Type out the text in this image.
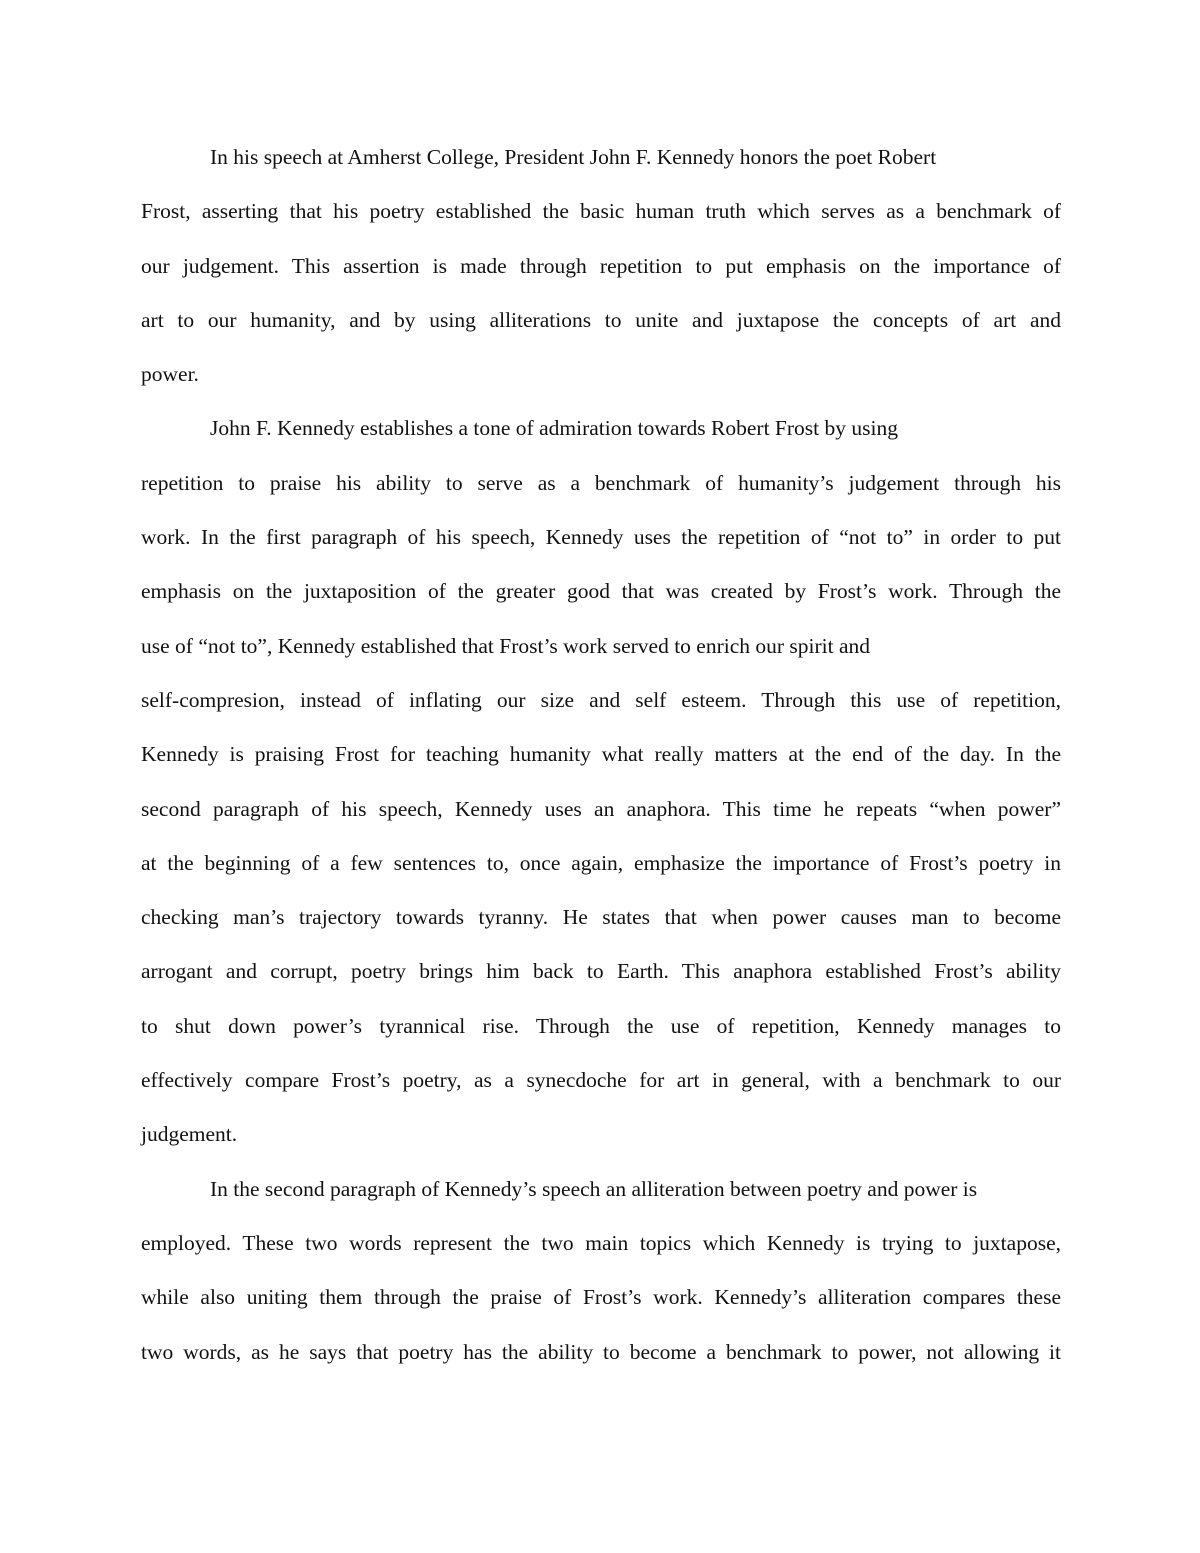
In his speech at Amherst College, President John F. Kennedy honors the poet Robert
Frost, asserting that his poetry established the basic human truth which serves as a benchmark of
our judgement. This assertion is made through repetition to put emphasis on the importance of
art to our humanity, and by using alliterations to unite and juxtapose the concepts of art and
power.
John F. Kennedy establishes a tone of admiration towards Robert Frost by using
repetition to praise his ability to serve as a benchmark of humanity’s judgement through his
work. In the first paragraph of his speech, Kennedy uses the repetition of “not to” in order to put
emphasis on the juxtaposition of the greater good that was created by Frost’s work. Through the
use of “not to”, Kennedy established that Frost’s work served to enrich our spirit and
self-compresion, instead of inflating our size and self esteem. Through this use of repetition,
Kennedy is praising Frost for teaching humanity what really matters at the end of the day. In the
second paragraph of his speech, Kennedy uses an anaphora. This time he repeats “when power”
at the beginning of a few sentences to, once again, emphasize the importance of Frost’s poetry in
checking man’s trajectory towards tyranny. He states that when power causes man to become
arrogant and corrupt, poetry brings him back to Earth. This anaphora established Frost’s ability
to shut down power’s tyrannical rise. Through the use of repetition, Kennedy manages to
effectively compare Frost’s poetry, as a synecdoche for art in general, with a benchmark to our
judgement.
In the second paragraph of Kennedy’s speech an alliteration between poetry and power is
employed. These two words represent the two main topics which Kennedy is trying to juxtapose,
while also uniting them through the praise of Frost’s work. Kennedy’s alliteration compares these
two words, as he says that poetry has the ability to become a benchmark to power, not allowing it
